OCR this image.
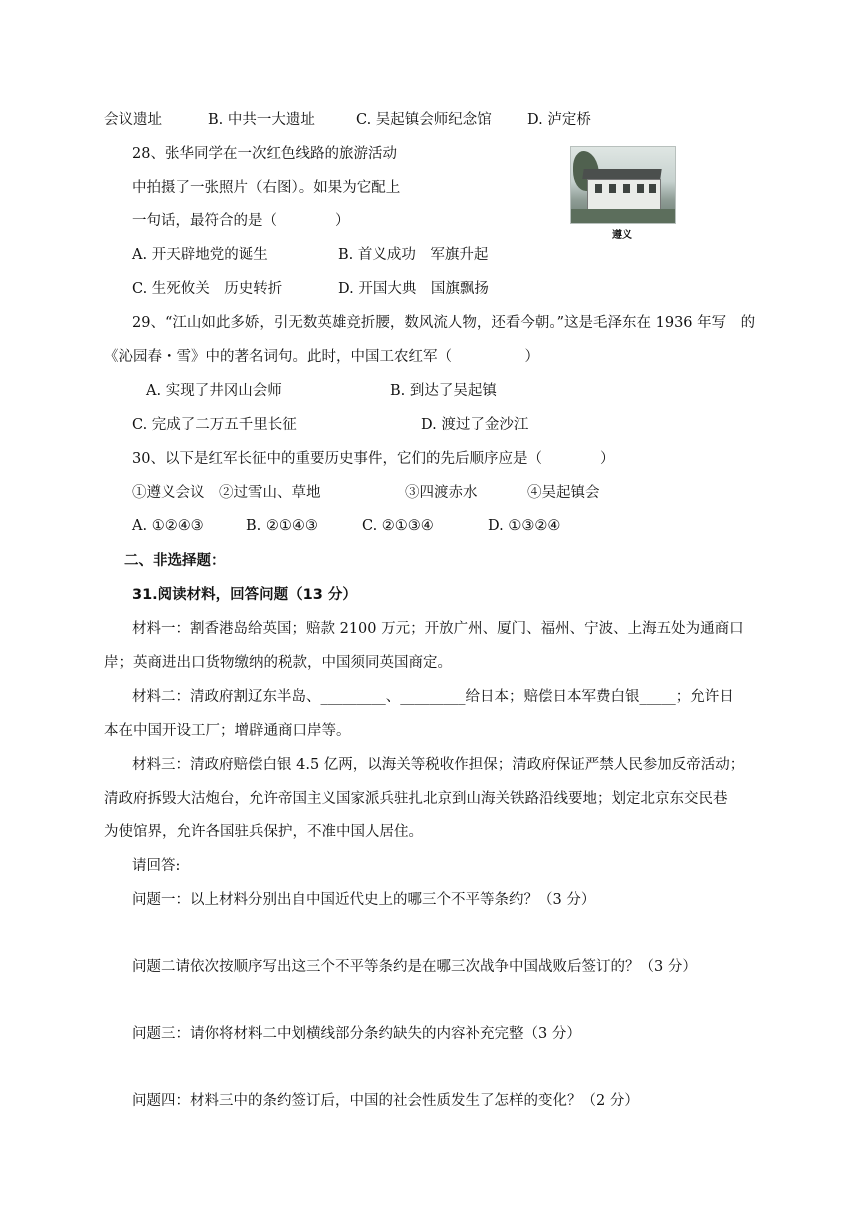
会议遗址	B. 中共一大遗址	C. 吴起镇会师纪念馆 D. 泸定桥
28、张华同学在一次红色线路的旅游活动
中拍摄了一张照片（右图）。如果为它配上
一句话，最符合的是（　　　　）
遵义
A. 开天辟地党的诞生	B. 首义成功　军旗升起
C. 生死攸关　历史转折	D. 开国大典　国旗飘扬
29、“江山如此多娇，引无数英雄竞折腰，数风流人物，还看今朝。”这是毛泽东在 1936 年写　的
《沁园春・雪》中的著名词句。此时，中国工农红军（　　　　　）
A. 实现了井冈山会师	B. 到达了吴起镇
C. 完成了二万五千里长征	D. 渡过了金沙江
30、以下是红军长征中的重要历史事件，它们的先后顺序应是（　　　　）
①遵义会议　②过雪山、草地	③四渡赤水	④吴起镇会
A. ①②④③	B. ②①④③	C. ②①③④	D. ①③②④
二、非选择题：
31.阅读材料，回答问题（13 分）
材料一：割香港岛给英国；赔款 2100 万元；开放广州、厦门、福州、宁波、上海五处为通商口
岸；英商进出口货物缴纳的税款，中国须同英国商定。
材料二：清政府割辽东半岛、_________、_________给日本；赔偿日本军费白银_____；允许日
本在中国开设工厂；增辟通商口岸等。
材料三：清政府赔偿白银 4.5 亿两，以海关等税收作担保；清政府保证严禁人民参加反帝活动；
清政府拆毁大沽炮台，允许帝国主义国家派兵驻扎北京到山海关铁路沿线要地；划定北京东交民巷
为使馆界，允许各国驻兵保护，不准中国人居住。
请回答:
问题一：以上材料分别出自中国近代史上的哪三个不平等条约？（3 分）
问题二请依次按顺序写出这三个不平等条约是在哪三次战争中国战败后签订的？（3 分）
问题三：请你将材料二中划横线部分条约缺失的内容补充完整（3 分）
问题四：材料三中的条约签订后，中国的社会性质发生了怎样的变化？（2 分）
